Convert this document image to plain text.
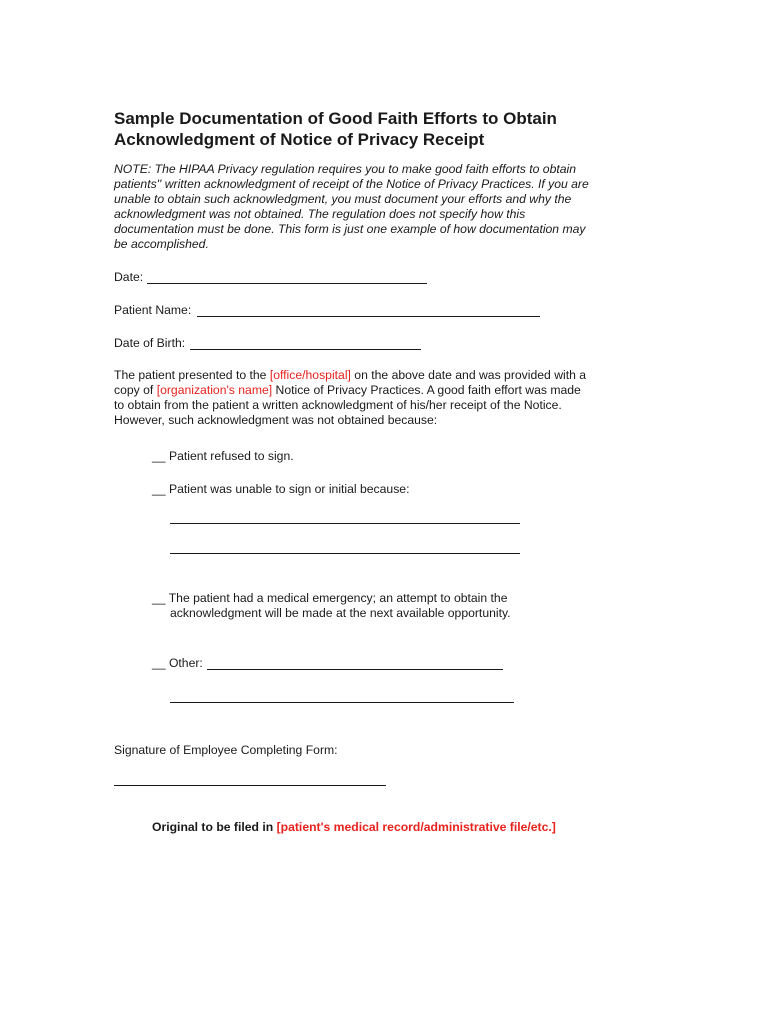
Sample Documentation of Good Faith Efforts to Obtain
Acknowledgment of Notice of Privacy Receipt
NOTE: The HIPAA Privacy regulation requires you to make good faith efforts to obtain
patients'' written acknowledgment of receipt of the Notice of Privacy Practices. If you are
unable to obtain such acknowledgment, you must document your efforts and why the
acknowledgment was not obtained. The regulation does not specify how this
documentation must be done. This form is just one example of how documentation may
be accomplished.
Date:
Patient Name:
Date of Birth:
The patient presented to the [office/hospital] on the above date and was provided with a
copy of [organization's name] Notice of Privacy Practices. A good faith effort was made
to obtain from the patient a written acknowledgment of his/her receipt of the Notice.
However, such acknowledgment was not obtained because:
__ Patient refused to sign.
__ Patient was unable to sign or initial because:
__ The patient had a medical emergency; an attempt to obtain the
acknowledgment will be made at the next available opportunity.
__ Other:
Signature of Employee Completing Form:
Original to be filed in [patient's medical record/administrative file/etc.]
